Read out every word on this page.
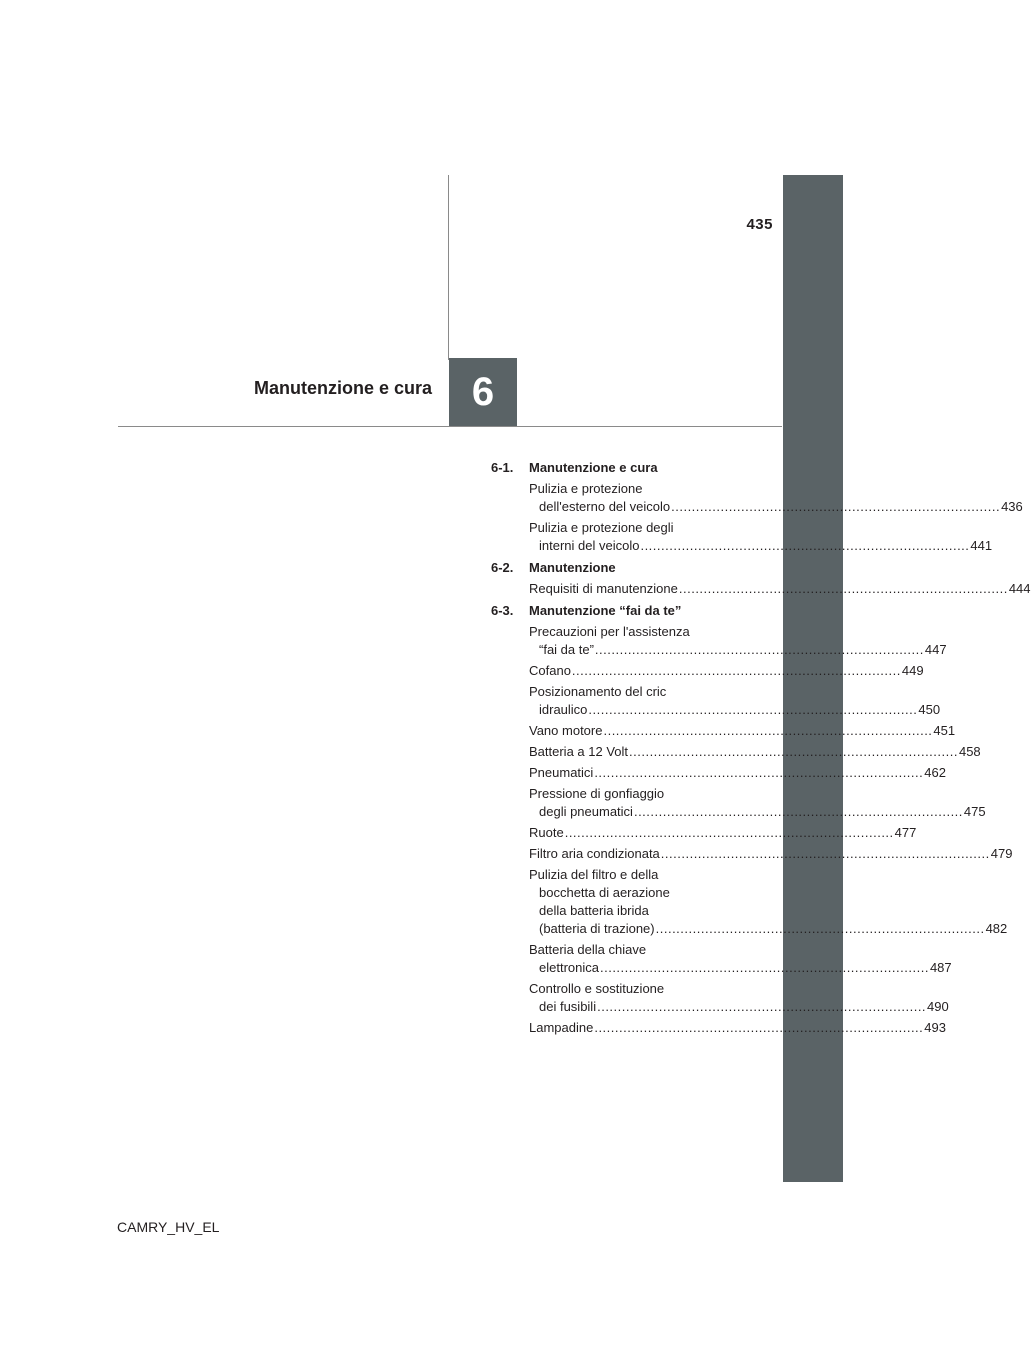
435
6
Manutenzione e cura
6-1.	Manutenzione e cura
Pulizia e protezione
dell'esterno del veicolo ................................................................................ 436
Pulizia e protezione degli
interni del veicolo ................................................................................ 441
6-2.	Manutenzione
Requisiti di manutenzione ................................................................................ 444
6-3.	Manutenzione “fai da te”
Precauzioni per l'assistenza
“fai da te” ................................................................................ 447
Cofano ................................................................................ 449
Posizionamento del cric
idraulico ................................................................................ 450
Vano motore ................................................................................ 451
Batteria a 12 Volt ................................................................................ 458
Pneumatici ................................................................................ 462
Pressione di gonfiaggio
degli pneumatici ................................................................................ 475
Ruote ................................................................................ 477
Filtro aria condizionata ................................................................................ 479
Pulizia del filtro e della
bocchetta di aerazione
della batteria ibrida
(batteria di trazione) ................................................................................ 482
Batteria della chiave
elettronica ................................................................................ 487
Controllo e sostituzione
dei fusibili ................................................................................ 490
Lampadine ................................................................................ 493
CAMRY_HV_EL
